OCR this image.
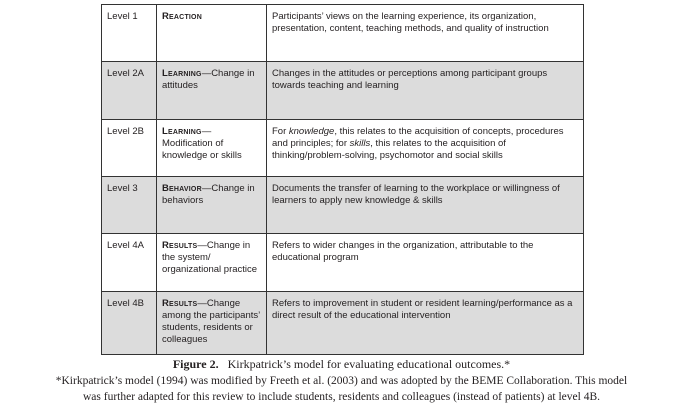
Level 1	Reaction	Participants’ views on the learning experience, its organization, presentation, content, teaching methods, and quality of instruction
Level 2A	Learning—Change in attitudes	Changes in the attitudes or perceptions among participant groups towards teaching and learning
Level 2B	Learning— Modification of knowledge or skills	For knowledge, this relates to the acquisition of concepts, procedures and principles; for skills, this relates to the acquisition of thinking/problem-solving, psychomotor and social skills
Level 3	Behavior—Change in behaviors	Documents the transfer of learning to the workplace or willingness of learners to apply new knowledge & skills
Level 4A	Results—Change in the system/ organizational practice	Refers to wider changes in the organization, attributable to the educational program
Level 4B	Results—Change among the participants’ students, residents or colleagues	Refers to improvement in student or resident learning/performance as a direct result of the educational intervention
Figure 2. Kirkpatrick’s model for evaluating educational outcomes.*
*Kirkpatrick’s model (1994) was modified by Freeth et al. (2003) and was adopted by the BEME Collaboration. This model
was further adapted for this review to include students, residents and colleagues (instead of patients) at level 4B.
